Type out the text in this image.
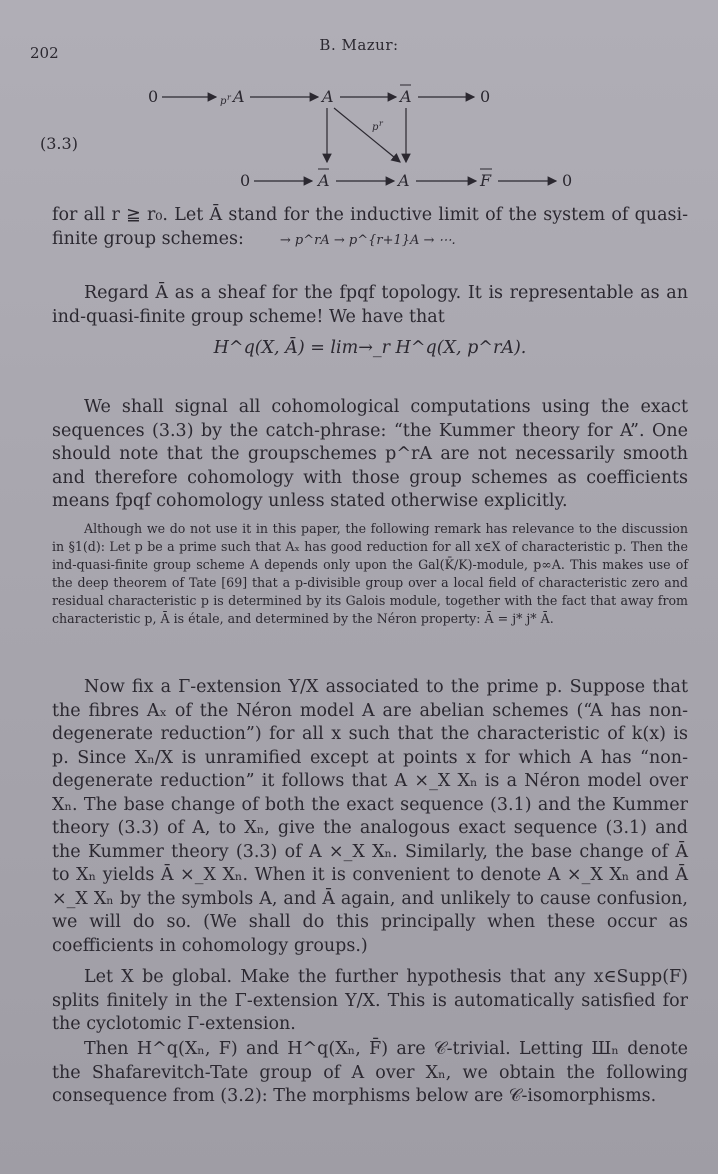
202	B. Mazur:
(3.3)
0	p r A	A	A	0
p r
0	A	A	F	0

for all r ≧ r₀. Let Ā stand for the inductive limit of the system of quasi-finite group schemes:	→ p^rA → p^{r+1}A → ⋯.

Regard Ā as a sheaf for the fpqf topology. It is representable as an ind-quasi-finite group scheme! We have that

H^q(X, Ā) = lim→_r H^q(X, p^rA).

We shall signal all cohomological computations using the exact sequences (3.3) by the catch-phrase: “the Kummer theory for A”. One should note that the groupschemes p^rA are not necessarily smooth and therefore cohomology with those group schemes as coefficients means fpqf cohomology unless stated otherwise explicitly.

Although we do not use it in this paper, the following remark has relevance to the discussion in §1(d): Let p be a prime such that Aₓ has good reduction for all x∈X of characteristic p. Then the ind-quasi-finite group scheme A depends only upon the Gal(K̄/K)-module, p∞A. This makes use of the deep theorem of Tate [69] that a p-divisible group over a local field of characteristic zero and residual characteristic p is determined by its Galois module, together with the fact that away from characteristic p, Ā is étale, and determined by the Néron property: Ā = j* j* Ā.

Now fix a Γ-extension Y/X associated to the prime p. Suppose that the fibres Aₓ of the Néron model A are abelian schemes (“A has non-degenerate reduction”) for all x such that the characteristic of k(x) is p. Since Xₙ/X is unramified except at points x for which A has “non-degenerate reduction” it follows that A ×_X Xₙ is a Néron model over Xₙ. The base change of both the exact sequence (3.1) and the Kummer theory (3.3) of A, to Xₙ, give the analogous exact sequence (3.1) and the Kummer theory (3.3) of A ×_X Xₙ. Similarly, the base change of Ā to Xₙ yields Ā ×_X Xₙ. When it is convenient to denote A ×_X Xₙ and Ā ×_X Xₙ by the symbols A, and Ā again, and unlikely to cause confusion, we will do so. (We shall do this principally when these occur as coefficients in cohomology groups.)

Let X be global. Make the further hypothesis that any x∈Supp(F) splits finitely in the Γ-extension Y/X. This is automatically satisfied for the cyclotomic Γ-extension.

Then H^q(Xₙ, F) and H^q(Xₙ, F̄) are 𝒞-trivial. Letting Шₙ denote the Shafarevitch-Tate group of A over Xₙ, we obtain the following consequence from (3.2): The morphisms below are 𝒞-isomorphisms.
